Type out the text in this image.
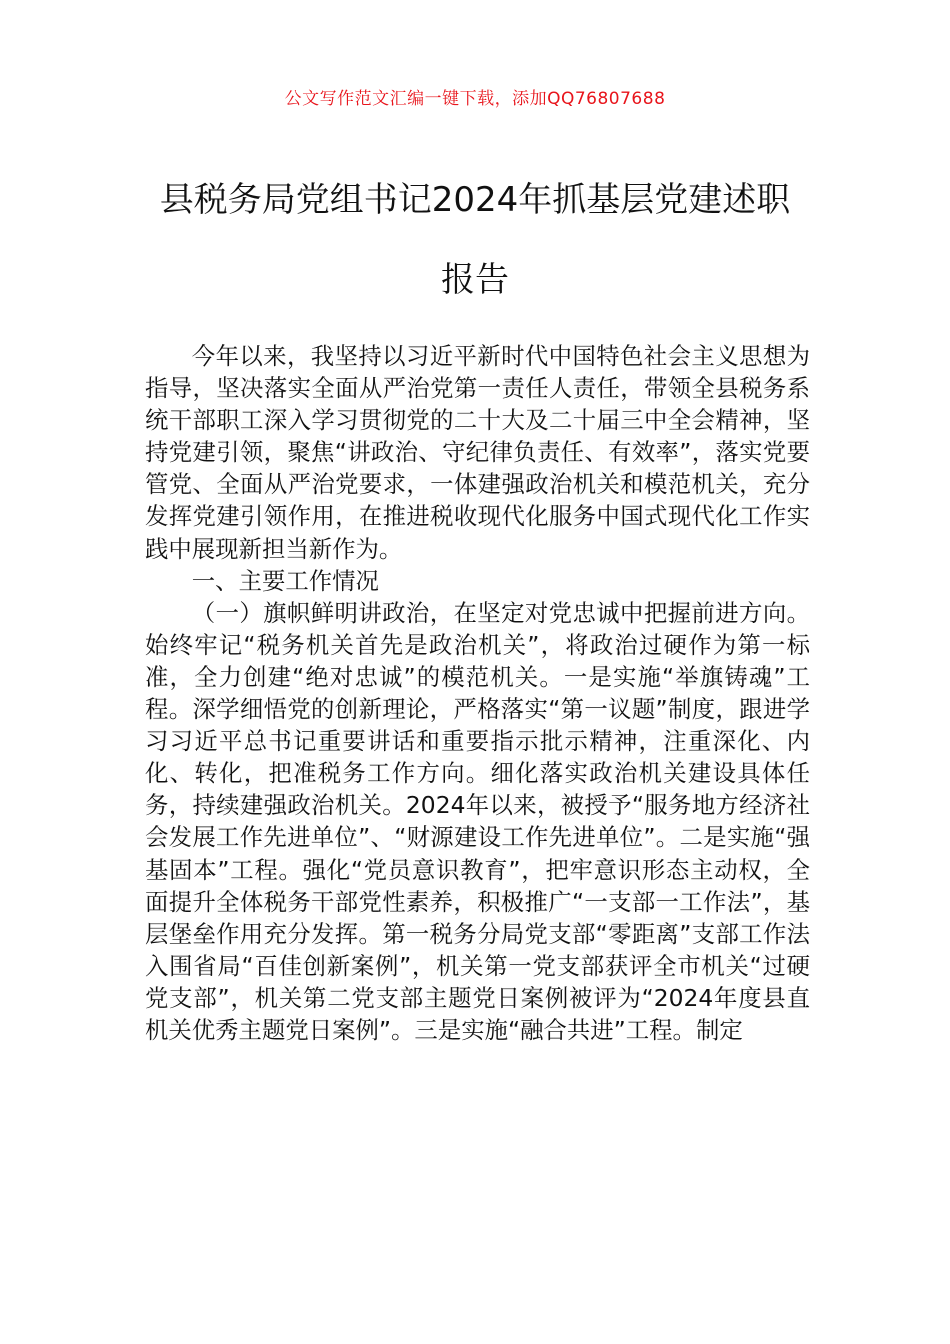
公文写作范文汇编一键下载，添加QQ76807688
县税务局党组书记2024年抓基层党建述职
报告

今年以来，我坚持以习近平新时代中国特色社会主义思想为指导，坚决落实全面从严治党第一责任人责任，带领全县税务系统干部职工深入学习贯彻党的二十大及二十届三中全会精神，坚持党建引领，聚焦“讲政治、守纪律负责任、有效率”，落实党要管党、全面从严治党要求，一体建强政治机关和模范机关，充分发挥党建引领作用，在推进税收现代化服务中国式现代化工作实践中展现新担当新作为。

一、主要工作情况

（一）旗帜鲜明讲政治，在坚定对党忠诚中把握前进方向。始终牢记“税务机关首先是政治机关”，将政治过硬作为第一标准，全力创建“绝对忠诚”的模范机关。一是实施“举旗铸魂”工程。深学细悟党的创新理论，严格落实“第一议题”制度，跟进学习习近平总书记重要讲话和重要指示批示精神，注重深化、内化、转化，把准税务工作方向。细化落实政治机关建设具体任务，持续建强政治机关。2024年以来，被授予“服务地方经济社会发展工作先进单位”、“财源建设工作先进单位”。二是实施“强基固本”工程。强化“党员意识教育”，把牢意识形态主动权，全面提升全体税务干部党性素养，积极推广“一支部一工作法”，基层堡垒作用充分发挥。第一税务分局党支部“零距离”支部工作法入围省局“百佳创新案例”，机关第一党支部获评全市机关“过硬党支部”，机关第二党支部主题党日案例被评为“2024年度县直机关优秀主题党日案例”。三是实施“融合共进”工程。制定
